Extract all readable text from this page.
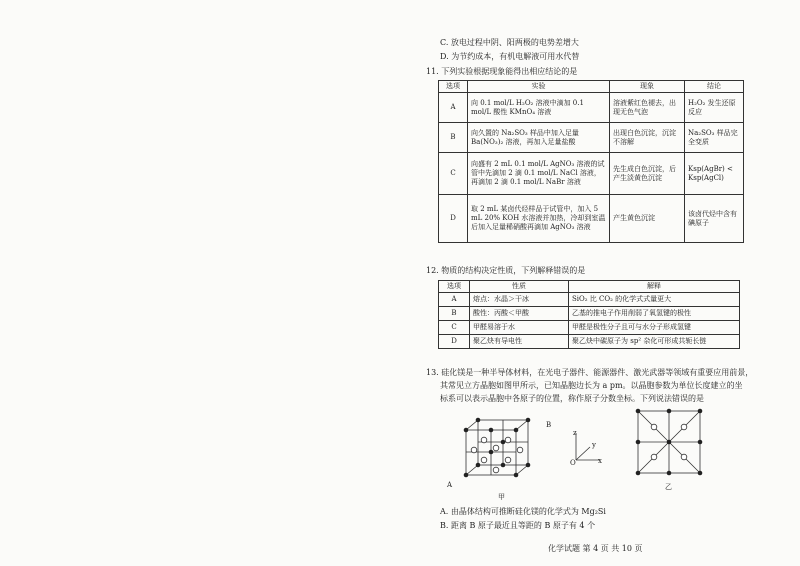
C. 放电过程中阴、阳两极的电势差增大
D. 为节约成本，有机电解液可用水代替
11. 下列实验根据现象能得出相应结论的是
选项	实验	现象	结论
A	向 0.1 mol/L H₂O₂ 溶液中滴加 0.1 mol/L 酸性 KMnO₄ 溶液	溶液紫红色褪去，出现无色气泡	H₂O₂ 发生还原反应
B	向久置的 Na₂SO₃ 样品中加入足量 Ba(NO₃)₂ 溶液，再加入足量盐酸	出现白色沉淀，沉淀不溶解	Na₂SO₃ 样品完全变质
C	向盛有 2 mL 0.1 mol/L AgNO₃ 溶液的试管中先滴加 2 滴 0.1 mol/L NaCl 溶液，再滴加 2 滴 0.1 mol/L NaBr 溶液	先生成白色沉淀，后产生淡黄色沉淀	Ksp(AgBr) < Ksp(AgCl)
D	取 2 mL 某卤代烃样品于试管中，加入 5 mL 20% KOH 水溶液并加热，冷却到室温后加入足量稀硝酸再滴加 AgNO₃ 溶液	产生黄色沉淀	该卤代烃中含有碘原子
12. 物质的结构决定性质，下列解释错误的是
选项	性质	解释
A	熔点：水晶＞干冰	SiO₂ 比 CO₂ 的化学式式量更大
B	酸性：丙酸＜甲酸	乙基的推电子作用削弱了氧氢键的极性
C	甲醛易溶于水	甲醛是极性分子且可与水分子形成氢键
D	聚乙炔有导电性	聚乙炔中碳原子为 sp² 杂化可形成共轭长链
13. 硅化镁是一种半导体材料，在光电子器件、能源器件、激光武器等领域有重要应用前景，
其常见立方晶胞如图甲所示，已知晶胞边长为 a pm。以晶胞参数为单位长度建立的坐
标系可以表示晶胞中各原子的位置，称作原子分数坐标。下列说法错误的是
A
B
甲
z
y
x
O
乙
A. 由晶体结构可推断硅化镁的化学式为 Mg₂Si
B. 距离 B 原子最近且等距的 B 原子有 4 个
化学试题 第 4 页 共 10 页
